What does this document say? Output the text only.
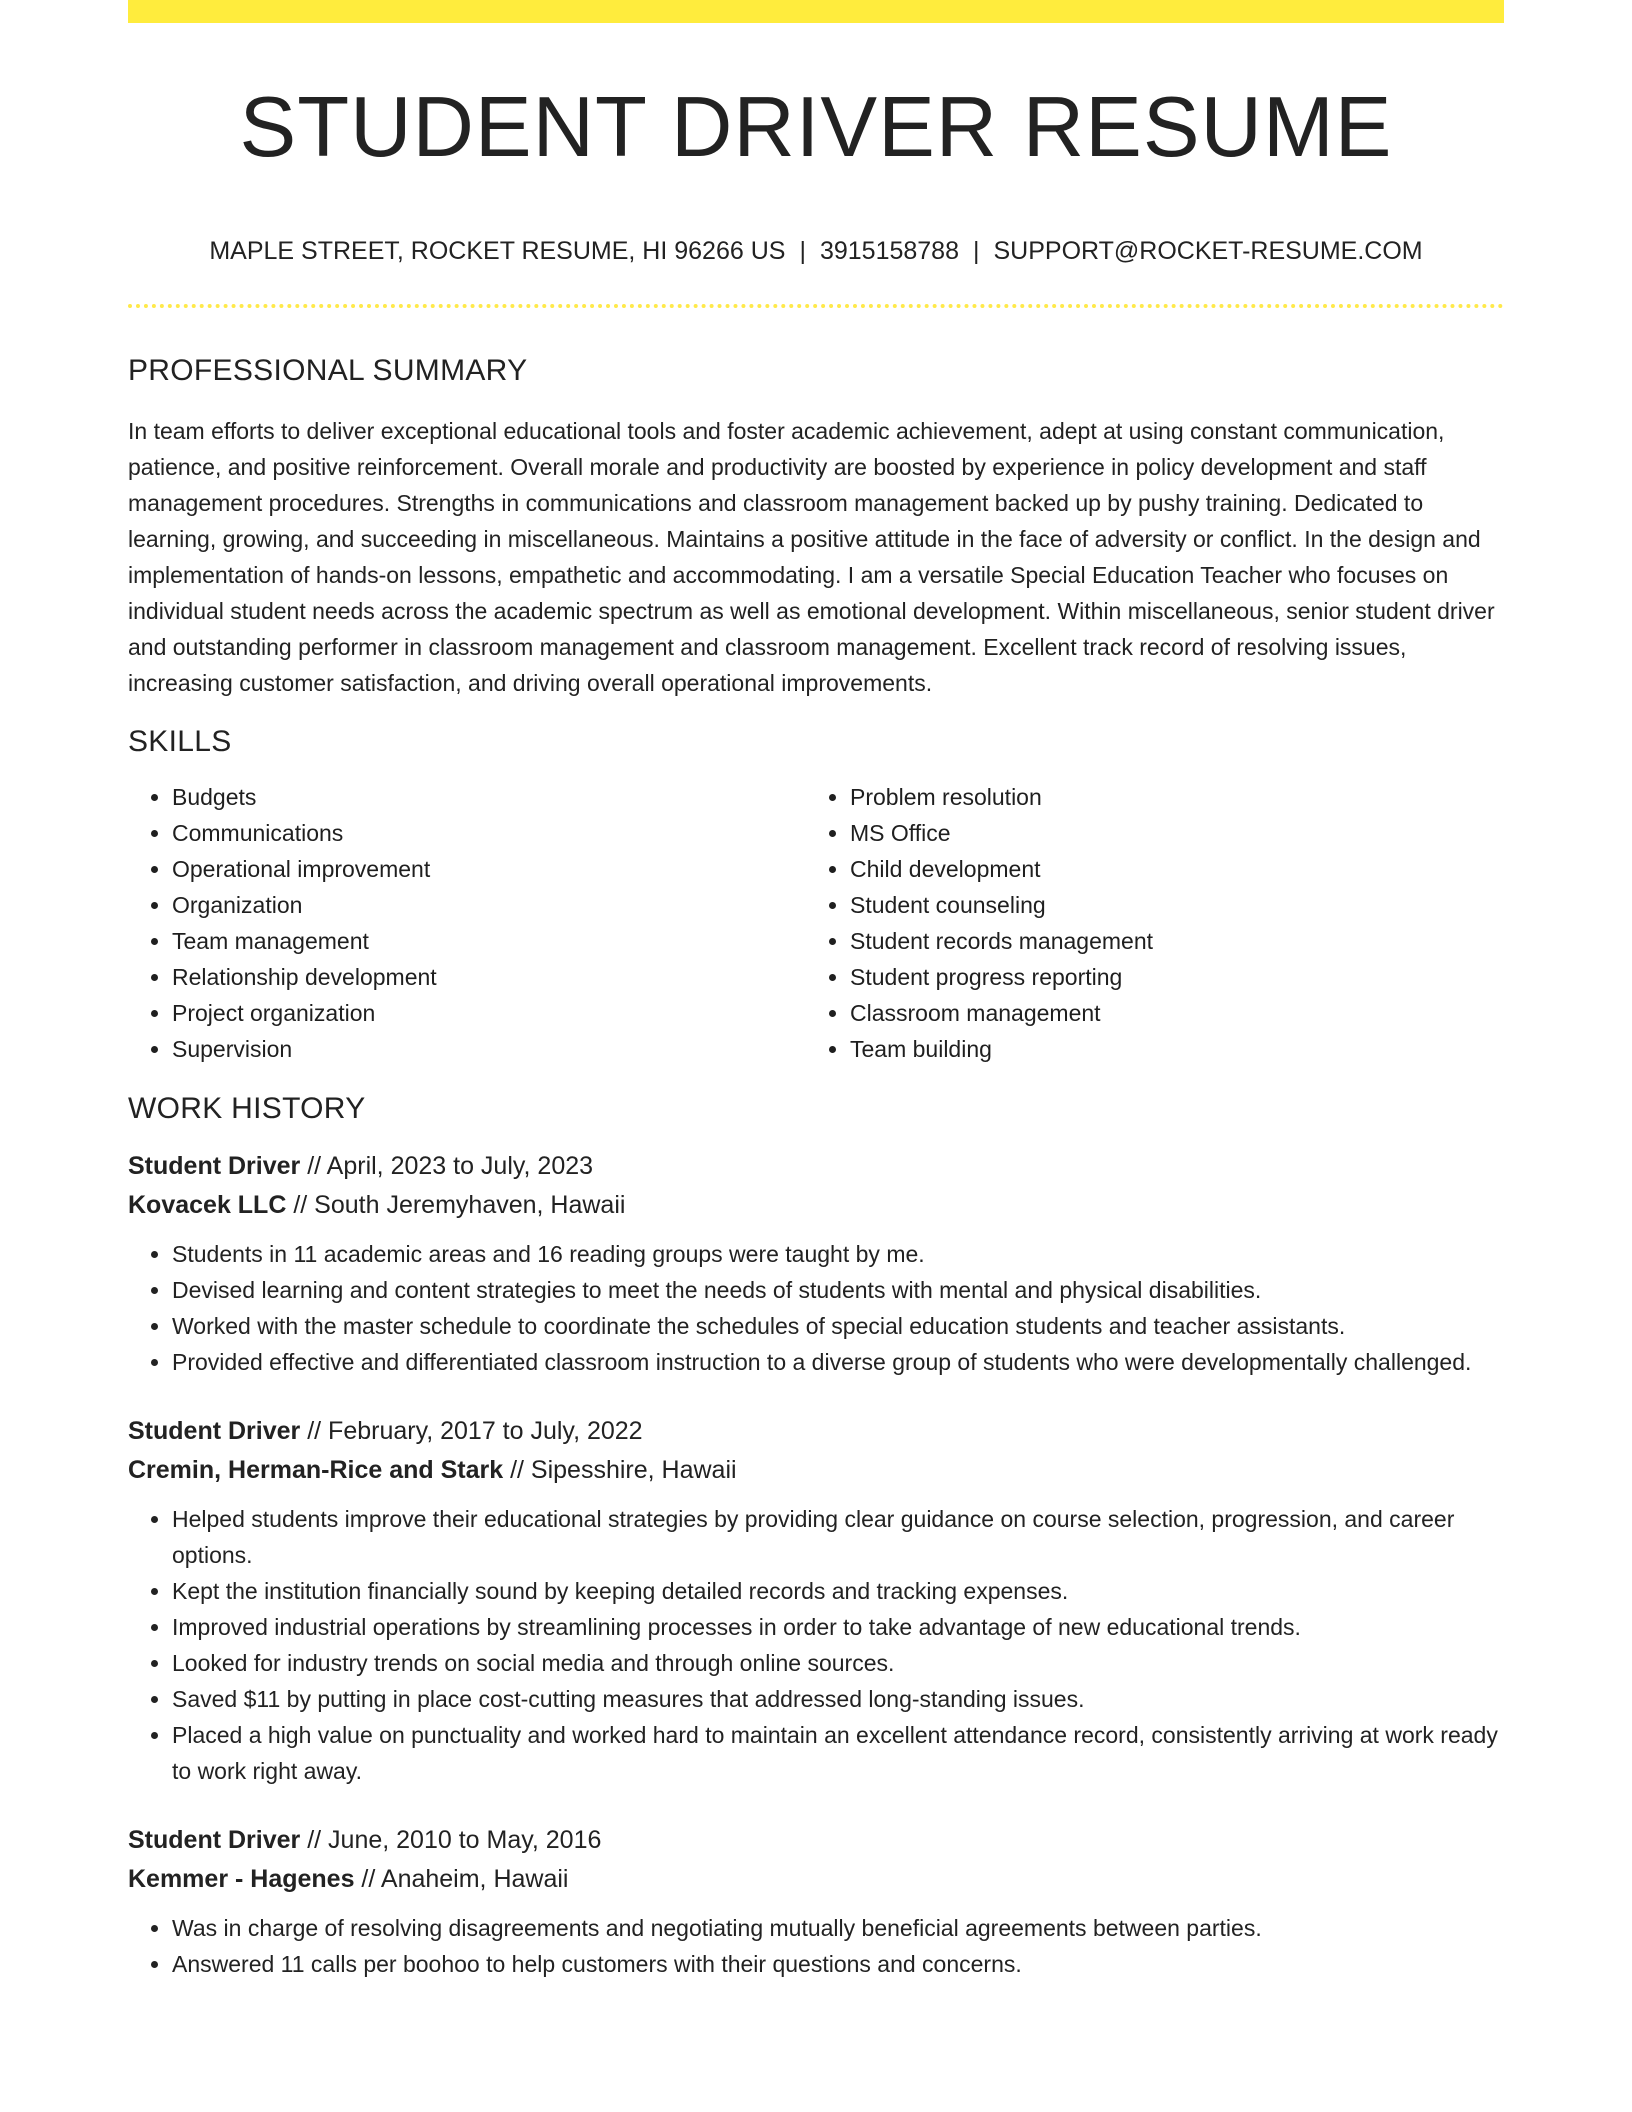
STUDENT DRIVER RESUME
MAPLE STREET, ROCKET RESUME, HI 96266 US | 3915158788 | SUPPORT@ROCKET-RESUME.COM
PROFESSIONAL SUMMARY
In team efforts to deliver exceptional educational tools and foster academic achievement, adept at using constant communication, patience, and positive reinforcement. Overall morale and productivity are boosted by experience in policy development and staff management procedures. Strengths in communications and classroom management backed up by pushy training. Dedicated to learning, growing, and succeeding in miscellaneous. Maintains a positive attitude in the face of adversity or conflict. In the design and implementation of hands-on lessons, empathetic and accommodating. I am a versatile Special Education Teacher who focuses on individual student needs across the academic spectrum as well as emotional development. Within miscellaneous, senior student driver and outstanding performer in classroom management and classroom management. Excellent track record of resolving issues, increasing customer satisfaction, and driving overall operational improvements.
SKILLS
• Budgets
• Communications
• Operational improvement
• Organization
• Team management
• Relationship development
• Project organization
• Supervision
• Problem resolution
• MS Office
• Child development
• Student counseling
• Student records management
• Student progress reporting
• Classroom management
• Team building
WORK HISTORY
Student Driver // April, 2023 to July, 2023
Kovacek LLC // South Jeremyhaven, Hawaii
• Students in 11 academic areas and 16 reading groups were taught by me.
• Devised learning and content strategies to meet the needs of students with mental and physical disabilities.
• Worked with the master schedule to coordinate the schedules of special education students and teacher assistants.
• Provided effective and differentiated classroom instruction to a diverse group of students who were developmentally challenged.
Student Driver // February, 2017 to July, 2022
Cremin, Herman-Rice and Stark // Sipesshire, Hawaii
• Helped students improve their educational strategies by providing clear guidance on course selection, progression, and career options.
• Kept the institution financially sound by keeping detailed records and tracking expenses.
• Improved industrial operations by streamlining processes in order to take advantage of new educational trends.
• Looked for industry trends on social media and through online sources.
• Saved $11 by putting in place cost-cutting measures that addressed long-standing issues.
• Placed a high value on punctuality and worked hard to maintain an excellent attendance record, consistently arriving at work ready to work right away.
Student Driver // June, 2010 to May, 2016
Kemmer - Hagenes // Anaheim, Hawaii
• Was in charge of resolving disagreements and negotiating mutually beneficial agreements between parties.
• Answered 11 calls per boohoo to help customers with their questions and concerns.
